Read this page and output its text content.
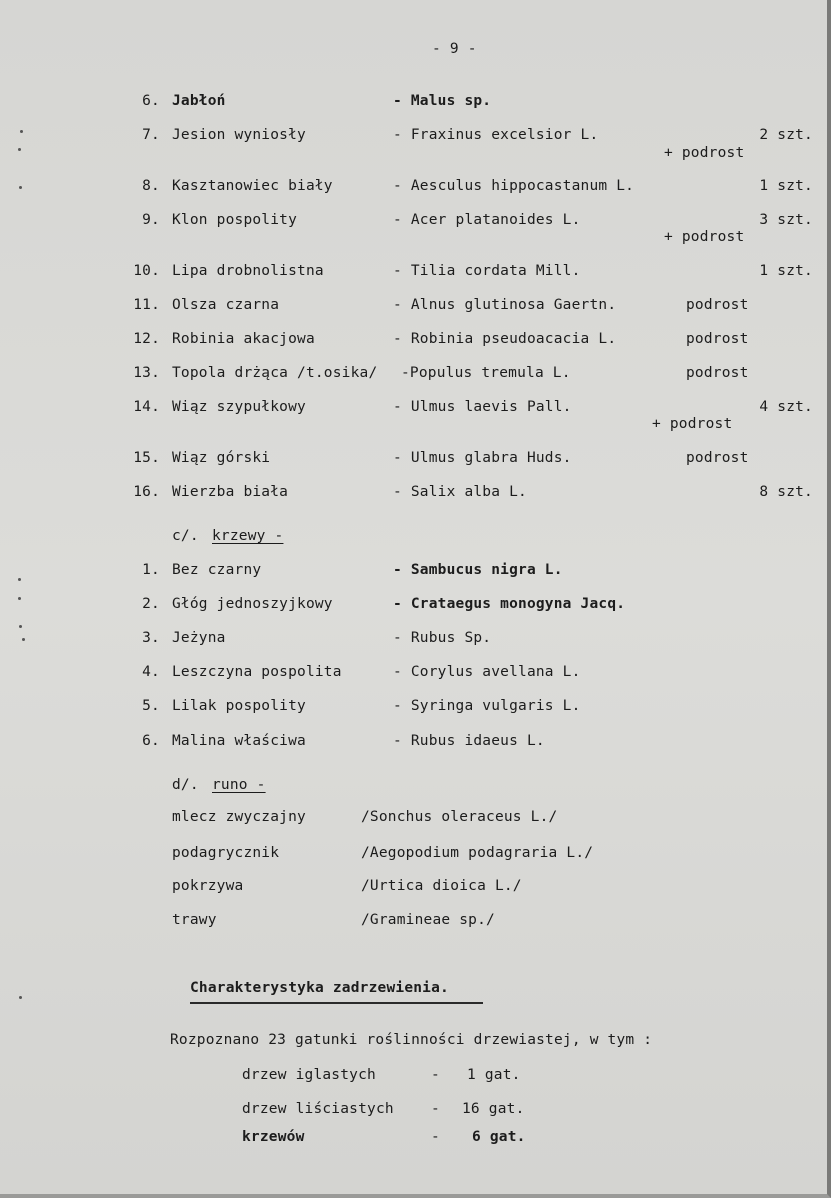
- 9 -
6. Jabłoń	- Malus sp.
7. Jesion wyniosły	- Fraxinus excelsior L.	2 szt.
+ podrost
8. Kasztanowiec biały	- Aesculus hippocastanum L.	1 szt.
9. Klon pospolity	- Acer platanoides L.	3 szt.
+ podrost
10. Lipa drobnolistna	- Tilia cordata Mill.	1 szt.
11. Olsza czarna	- Alnus glutinosa Gaertn.	podrost
12. Robinia akacjowa	- Robinia pseudoacacia L.	podrost
13. Topola drżąca /t.osika/ -Populus tremula L.	podrost
14. Wiąz szypułkowy	- Ulmus laevis Pall.	4 szt.
+ podrost
15. Wiąz górski	- Ulmus glabra Huds.	podrost
16. Wierzba biała	- Salix alba L.	8 szt.
c/. krzewy -
1. Bez czarny	- Sambucus nigra L.
2. Głóg jednoszyjkowy	- Crataegus monogyna Jacq.
3. Jeżyna	- Rubus Sp.
4. Leszczyna pospolita	- Corylus avellana L.
5. Lilak pospolity	- Syringa vulgaris L.
6. Malina właściwa	- Rubus idaeus L.
d/. runo -
mlecz zwyczajny	/Sonchus oleraceus L./
podagrycznik	/Aegopodium podagraria L./
pokrzywa	/Urtica dioica L./
trawy	/Gramineae sp./
Charakterystyka zadrzewienia.
Rozpoznano 23 gatunki roślinności drzewiastej, w tym :
drzew iglastych	- 1 gat.
drzew liściastych	- 16 gat.
krzewów	- 6 gat.
